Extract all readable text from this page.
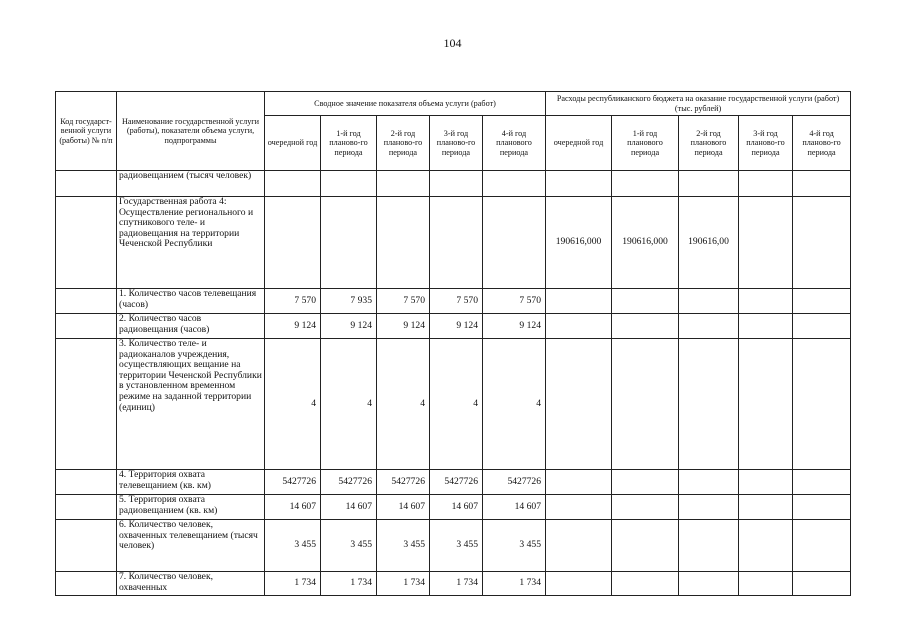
104
Код государст-венной услуги (работы) № п/п	Наименование государственной услуги (работы), показатели объема услуги, подпрограммы	Сводное значение показателя объема услуги (работ)					Расходы республиканского бюджета на оказание государственной услуги (работ) (тыс. рублей)				
		очередной год	1-й год планово-го периода	2-й год планово-го периода	3-й год планово-го периода	4-й год планового периода	очередной год	1-й год планового периода	2-й год планового периода	3-й год планово-го периода	4-й год планово-го периода
	радиовещанием (тысяч человек)										
	Государственная работа 4: Осуществление регионального и спутникового теле- и радиовещания на территории Чеченской Республики						190616,000	190616,000	190616,00		
	1. Количество часов телевещания (часов)	7 570	7 935	7 570	7 570	7 570					
	2. Количество часов радиовещания (часов)	9 124	9 124	9 124	9 124	9 124					
	3. Количество теле- и радиоканалов учреждения, осуществляющих вещание на территории Чеченской Республики в установленном временном режиме на заданной территории (единиц)	4	4	4	4	4					
	4. Территория охвата телевещанием (кв. км)	5427726	5427726	5427726	5427726	5427726					
	5. Территория охвата радиовещанием (кв. км)	14 607	14 607	14 607	14 607	14 607					
	6. Количество человек, охваченных телевещанием (тысяч человек)	3 455	3 455	3 455	3 455	3 455					
	7. Количество человек, охваченных	1 734	1 734	1 734	1 734	1 734					
